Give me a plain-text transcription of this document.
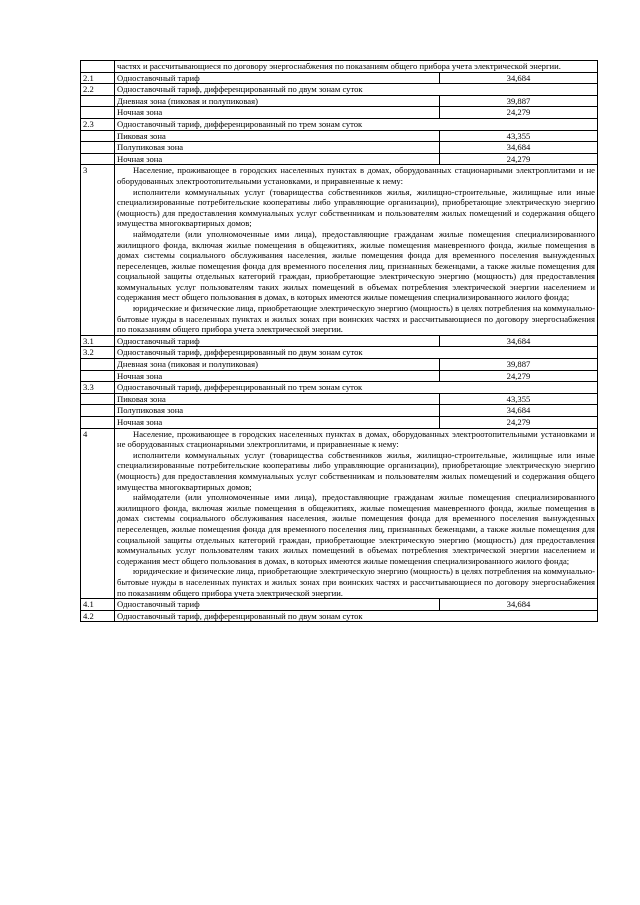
	частях и рассчитывающиеся по договору энергоснабжения по показаниям общего прибора учета электрической энергии.	

2.1	Одноставочный тариф	34,684
2.2	Одноставочный тариф, дифференцированный по двум зонам суток	
	Дневная зона (пиковая и полупиковая)	39,887
	Ночная зона	24,279
2.3	Одноставочный тариф, дифференцированный по трем зонам суток	
	Пиковая зона	43,355
	Полупиковая зона	34,684
	Ночная зона	24,279
3	Население, проживающее в городских населенных пунктах в домах, оборудованных стационарными электроплитами и не оборудованных электроотопительными установками, и приравненные к нему:

исполнители коммунальных услуг (товарищества собственников жилья, жилищно-строительные, жилищные или иные специализированные потребительские кооперативы либо управляющие организации), приобретающие электрическую энергию (мощность) для предоставления коммунальных услуг собственникам и пользователям жилых помещений и содержания общего имущества многоквартирных домов;

наймодатели (или уполномоченные ими лица), предоставляющие гражданам жилые помещения специализированного жилищного фонда, включая жилые помещения в общежитиях, жилые помещения маневренного фонда, жилые помещения в домах системы социального обслуживания населения, жилые помещения фонда для временного поселения вынужденных переселенцев, жилые помещения фонда для временного поселения лиц, признанных беженцами, а также жилые помещения для социальной защиты отдельных категорий граждан, приобретающие электрическую энергию (мощность) для предоставления коммунальных услуг пользователям таких жилых помещений в объемах потребления электрической энергии населением и содержания мест общего пользования в домах, в которых имеются жилые помещения специализированного жилого фонда;

юридические и физические лица, приобретающие электрическую энергию (мощность) в целях потребления на коммунально-бытовые нужды в населенных пунктах и жилых зонах при воинских частях и рассчитывающиеся по договору энергоснабжения по показаниям общего прибора учета электрической энергии.	

3.1	Одноставочный тариф	34,684
3.2	Одноставочный тариф, дифференцированный по двум зонам суток	
	Дневная зона (пиковая и полупиковая)	39,887
	Ночная зона	24,279
3.3	Одноставочный тариф, дифференцированный по трем зонам суток	
	Пиковая зона	43,355
	Полупиковая зона	34,684
	Ночная зона	24,279
4	Население, проживающее в городских населенных пунктах в домах, оборудованных электроотопительными установками и не оборудованных стационарными электроплитами, и приравненные к нему:

исполнители коммунальных услуг (товарищества собственников жилья, жилищно-строительные, жилищные или иные специализированные потребительские кооперативы либо управляющие организации), приобретающие электрическую энергию (мощность) для предоставления коммунальных услуг собственникам и пользователям жилых помещений и содержания общего имущества многоквартирных домов;

наймодатели (или уполномоченные ими лица), предоставляющие гражданам жилые помещения специализированного жилищного фонда, включая жилые помещения в общежитиях, жилые помещения маневренного фонда, жилые помещения в домах системы социального обслуживания населения, жилые помещения фонда для временного поселения вынужденных переселенцев, жилые помещения фонда для временного поселения лиц, признанных беженцами, а также жилые помещения для социальной защиты отдельных категорий граждан, приобретающие электрическую энергию (мощность) для предоставления коммунальных услуг пользователям таких жилых помещений в объемах потребления электрической энергии населением и содержания мест общего пользования в домах, в которых имеются жилые помещения специализированного жилого фонда;

юридические и физические лица, приобретающие электрическую энергию (мощность) в целях потребления на коммунально-бытовые нужды в населенных пунктах и жилых зонах при воинских частях и рассчитывающиеся по договору энергоснабжения по показаниям общего прибора учета электрической энергии.	

4.1	Одноставочный тариф	34,684
4.2	Одноставочный тариф, дифференцированный по двум зонам суток	
